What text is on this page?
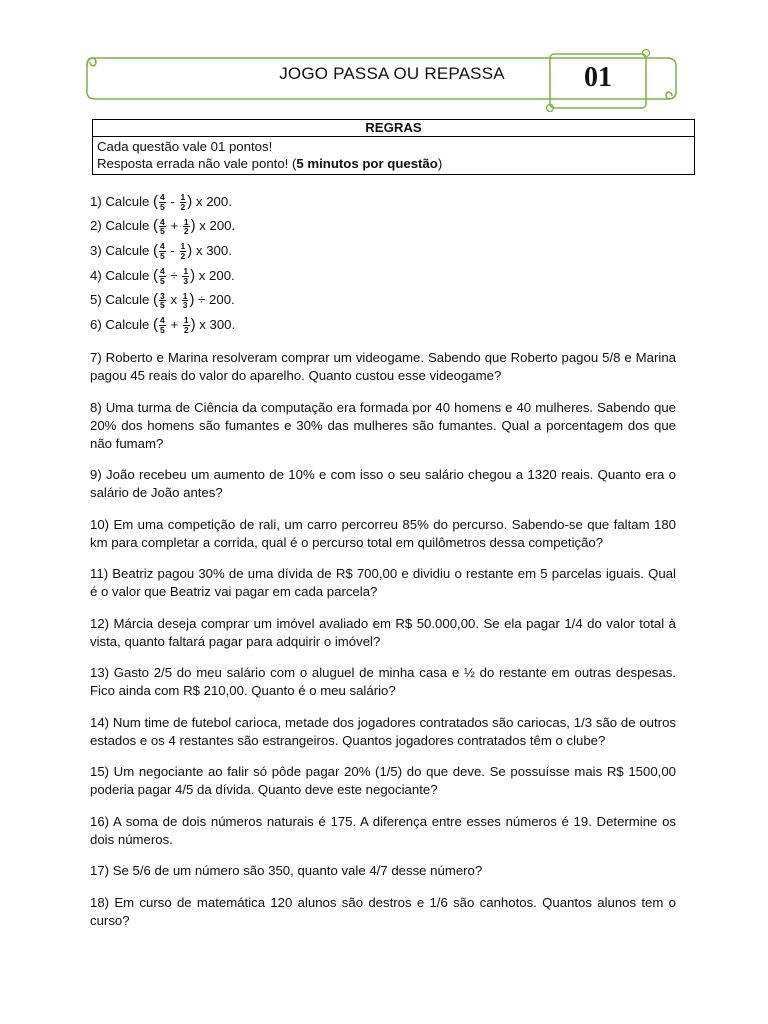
JOGO PASSA OU REPASSA	01
REGRAS
Cada questão vale 01 pontos!
Resposta errada não vale ponto! (5 minutos por questão)
1) Calcule
( $\frac{4}{5}$
-
$\frac{1}{2}$ )
x
200.
2) Calcule
( $\frac{4}{5}$
+
$\frac{1}{2}$ )
x
200.
3) Calcule
( $\frac{4}{5}$
-
$\frac{1}{2}$ )
x
300.
4) Calcule
( $\frac{4}{5}$
÷
$\frac{1}{3}$ )
x
200.
5) Calcule
( $\frac{3}{5}$
x
$\frac{1}{3}$ )
÷
200.
6) Calcule
( $\frac{4}{5}$
+
$\frac{1}{2}$ )
x
300.

7) Roberto e Marina resolveram comprar um videogame. Sabendo que Roberto pagou 5/8 e Marina pagou 45 reais do valor do aparelho. Quanto custou esse videogame?

8) Uma turma de Ciência da computação era formada por 40 homens e 40 mulheres. Sabendo que 20% dos homens são fumantes e 30% das mulheres são fumantes. Qual a porcentagem dos que não fumam?

9) João recebeu um aumento de 10% e com isso o seu salário chegou a 1320 reais. Quanto era o salário de João antes?

10) Em uma competição de rali, um carro percorreu 85% do percurso. Sabendo-se que faltam 180 km para completar a corrida, qual é o percurso total em quilômetros dessa competição?

11) Beatriz pagou 30% de uma dívida de R$ 700,00 e dividiu o restante em 5 parcelas iguais. Qual é o valor que Beatriz vai pagar em cada parcela?

12) Márcia deseja comprar um imóvel avaliado em R$ 50.000,00. Se ela pagar 1/4 do valor total à vista, quanto faltará pagar para adquirir o imóvel?

13) Gasto 2/5 do meu salário com o aluguel de minha casa e ½ do restante em outras despesas. Fico ainda com R$ 210,00. Quanto é o meu salário?

14) Num time de futebol carioca, metade dos jogadores contratados são cariocas, 1/3 são de outros estados e os 4 restantes são estrangeiros. Quantos jogadores contratados têm o clube?

15) Um negociante ao falir só pôde pagar 20% (1/5) do que deve. Se possuísse mais R$ 1500,00 poderia pagar 4/5 da dívida. Quanto deve este negociante?

16) A soma de dois números naturais é 175. A diferença entre esses números é 19. Determine os dois números.

17) Se 5/6 de um número são 350, quanto vale 4/7 desse número?

18) Em curso de matemática 120 alunos são destros e 1/6 são canhotos. Quantos alunos tem o curso?
